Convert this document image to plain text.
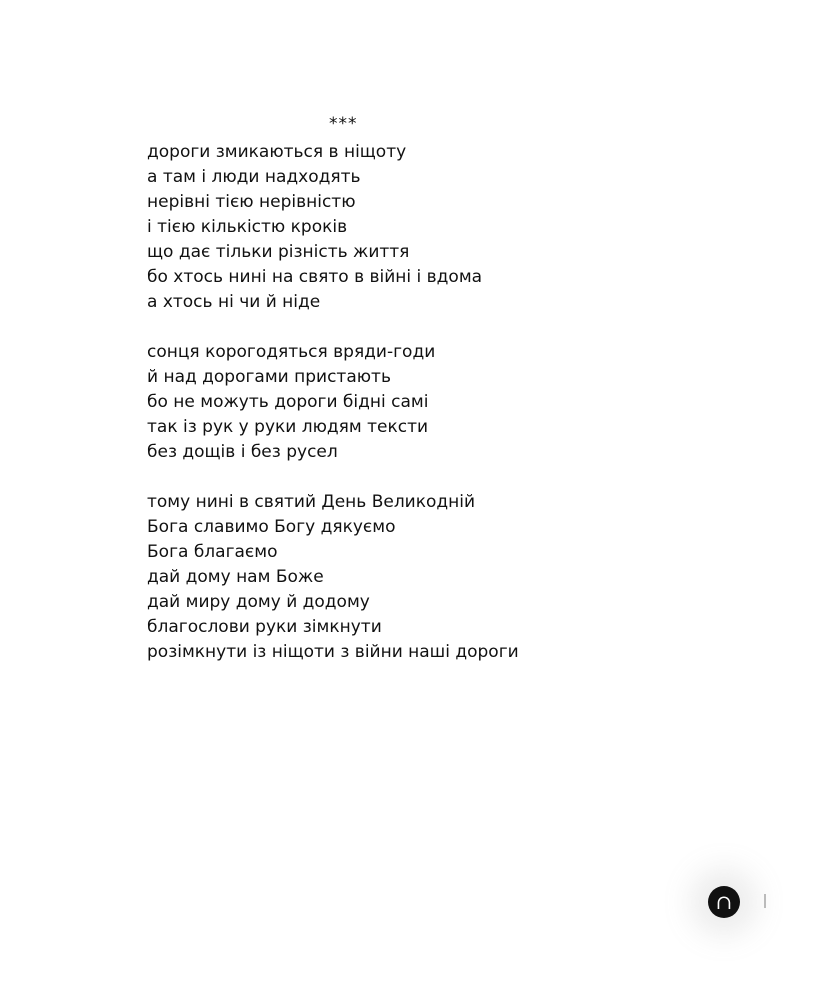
***
дороги змикаються в ніщоту
а там і люди надходять
нерівні тією нерівністю
і тією кількістю кроків
що дає тільки різність життя
бо хтось нині на свято в війні і вдома
а хтось ні чи й ніде
сонця корогодяться вряди-годи
й над дорогами пристають
бо не можуть дороги бідні самі
так із рук у руки людям тексти
без дощів і без русел
тому нині в святий День Великодній
Бога славимо Богу дякуємо
Бога благаємо
дай дому нам Боже
дай миру дому й додому
благослови руки зімкнути
розімкнути із ніщоти з війни наші дороги
∩
